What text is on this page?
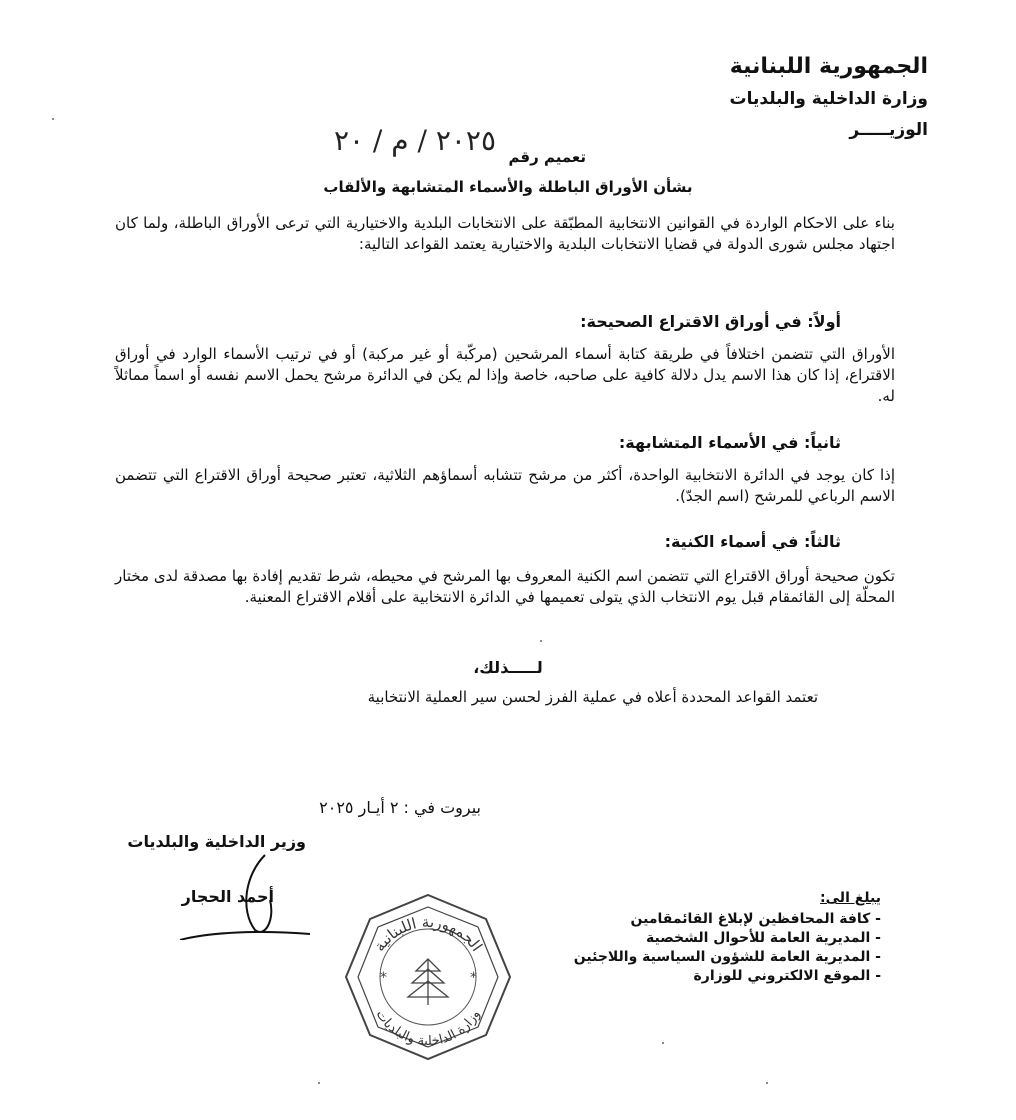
الجمهورية اللبنانية
وزارة الداخلية والبلديات
الوزيـــــر
تعميم رقم
٢٠٢٥ / م / ٢٠
بشأن الأوراق الباطلة والأسماء المتشابهة والألقاب
بناء على الاحكام الواردة في القوانين الانتخابية المطبّقة على الانتخابات البلدية والاختيارية التي ترعى الأوراق الباطلة، ولما كان اجتهاد مجلس شورى الدولة في قضايا الانتخابات البلدية والاختيارية يعتمد القواعد التالية:
أولاً: في أوراق الاقتراع الصحيحة:
الأوراق التي تتضمن اختلافاً في طريقة كتابة أسماء المرشحين (مركّبة أو غير مركبة) أو في ترتيب الأسماء الوارد في أوراق الاقتراع، إذا كان هذا الاسم يدل دلالة كافية على صاحبه، خاصة وإذا لم يكن في الدائرة مرشح يحمل الاسم نفسه أو اسماً مماثلاً له.
ثانياً: في الأسماء المتشابهة:
إذا كان يوجد في الدائرة الانتخابية الواحدة، أكثر من مرشح تتشابه أسماؤهم الثلاثية، تعتبر صحيحة أوراق الاقتراع التي تتضمن الاسم الرباعي للمرشح (اسم الجدّ).
ثالثاً: في أسماء الكنية:
تكون صحيحة أوراق الاقتراع التي تتضمن اسم الكنية المعروف بها المرشح في محيطه، شرط تقديم إفادة بها مصدقة لدى مختار المحلّة إلى القائمقام قبل يوم الانتخاب الذي يتولى تعميمها في الدائرة الانتخابية على أقلام الاقتراع المعنية.
لـــــذلك،
تعتمد القواعد المحددة أعلاه في عملية الفرز لحسن سير العملية الانتخابية
بيروت في : ٢ أيـار ٢٠٢٥
وزير الداخلية والبلديات
أحمد الحجار	يبلغ الى:
- كافة المحافظين لإبلاغ القائمقامين
- المديرية العامة للأحوال الشخصية
- المديرية العامة للشؤون السياسية واللاجئين
- الموقع الالكتروني للوزارة
الجمهورية اللبنانية
وزارة الداخلية والبلديات
*	*
